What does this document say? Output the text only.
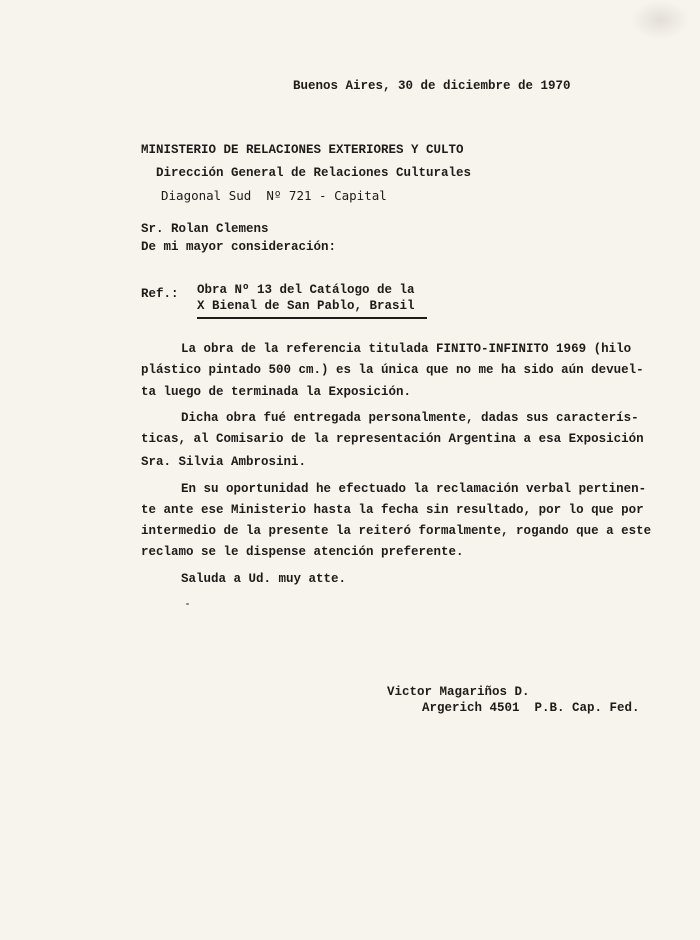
Buenos Aires, 30 de diciembre de 1970
MINISTERIO DE RELACIONES EXTERIORES Y CULTO
Dirección General de Relaciones Culturales
Diagonal Sud  Nº 721 - Capital
Sr. Rolan Clemens
De mi mayor consideración:
Ref.: Obra Nº 13 del Catálogo de la
X Bienal de San Pablo, Brasil
La obra de la referencia titulada FINITO-INFINITO 1969 (hilo
plástico pintado 500 cm.) es la única que no me ha sido aún devuel-
ta luego de terminada la Exposición.
Dicha obra fué entregada personalmente, dadas sus caracterís-
ticas, al Comisario de la representación Argentina a esa Exposición
Sra. Silvia Ambrosini.
En su oportunidad he efectuado la reclamación verbal pertinen-
te ante ese Ministerio hasta la fecha sin resultado, por lo que por
intermedio de la presente la reiteró formalmente, rogando que a este
reclamo se le dispense atención preferente.
Saluda a Ud. muy atte.
Victor Magariños D.
Argerich 4501  P.B. Cap. Fed.
